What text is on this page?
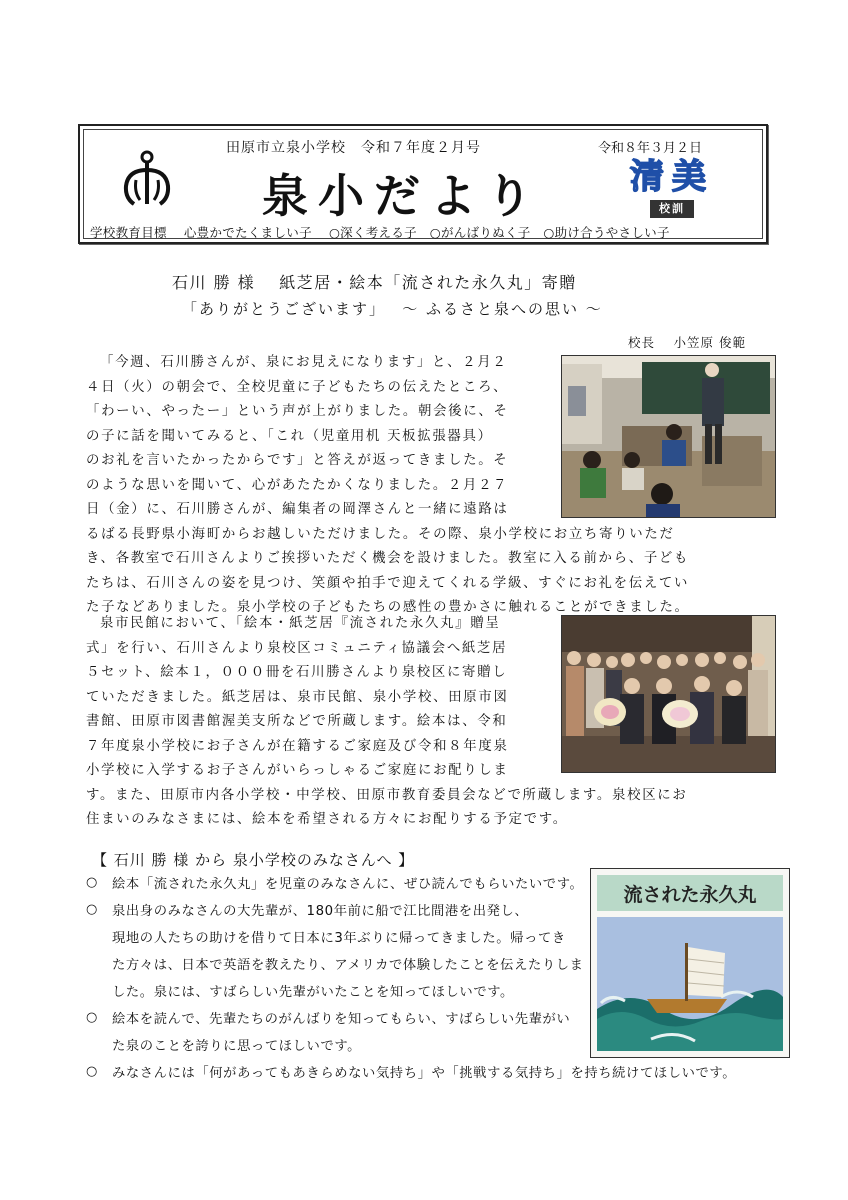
田原市立泉小学校　令和７年度２月号	令和８年３月２日
泉小だより	清美
校訓
学校教育目標　 心豊かでたくましい子　 ○深く考える子　○がんばりぬく子　○助け合うやさしい子
石川 勝 様　 紙芝居・絵本「流された永久丸」寄贈
「ありがとうございます」　 ～ ふるさと泉への思い ～
校長　 小笠原 俊範
「今週、石川勝さんが、泉にお見えになります」と、２月２
４日（火）の朝会で、全校児童に子どもたちの伝えたところ、
「わーい、やったー」という声が上がりました。朝会後に、そ
の子に話を聞いてみると、「これ（児童用机 天板拡張器具）
のお礼を言いたかったからです」と答えが返ってきました。そ
のような思いを聞いて、心があたたかくなりました。２月２７
日（金）に、石川勝さんが、編集者の岡澤さんと一緒に遠路は
るばる長野県小海町からお越しいただけました。その際、泉小学校にお立ち寄りいただ
き、各教室で石川さんよりご挨拶いただく機会を設けました。教室に入る前から、子ども
たちは、石川さんの姿を見つけ、笑顔や拍手で迎えてくれる学級、すぐにお礼を伝えてい
た子などありました。泉小学校の子どもたちの感性の豊かさに触れることができました。
泉市民館において、「絵本・紙芝居『流された永久丸』贈呈
式」を行い、石川さんより泉校区コミュニティ協議会へ紙芝居
５セット、絵本１，０００冊を石川勝さんより泉校区に寄贈し
ていただきました。紙芝居は、泉市民館、泉小学校、田原市図
書館、田原市図書館渥美支所などで所蔵します。絵本は、令和
７年度泉小学校にお子さんが在籍するご家庭及び令和８年度泉
小学校に入学するお子さんがいらっしゃるご家庭にお配りしま
す。また、田原市内各小学校・中学校、田原市教育委員会などで所蔵します。泉校区にお
住まいのみなさまには、絵本を希望される方々にお配りする予定です。
【 石川 勝 様 から 泉小学校のみなさんへ 】
○ 絵本「流された永久丸」を児童のみなさんに、ぜひ読んでもらいたいです。
○ 泉出身のみなさんの大先輩が、180年前に船で江比間港を出発し、
現地の人たちの助けを借りて日本に3年ぶりに帰ってきました。帰ってき
た方々は、日本で英語を教えたり、アメリカで体験したことを伝えたりしま
した。泉には、すばらしい先輩がいたことを知ってほしいです。
○ 絵本を読んで、先輩たちのがんばりを知ってもらい、すばらしい先輩がい
た泉のことを誇りに思ってほしいです。
○ みなさんには「何があってもあきらめない気持ち」や「挑戦する気持ち」を持ち続けてほしいです。
流された永久丸
